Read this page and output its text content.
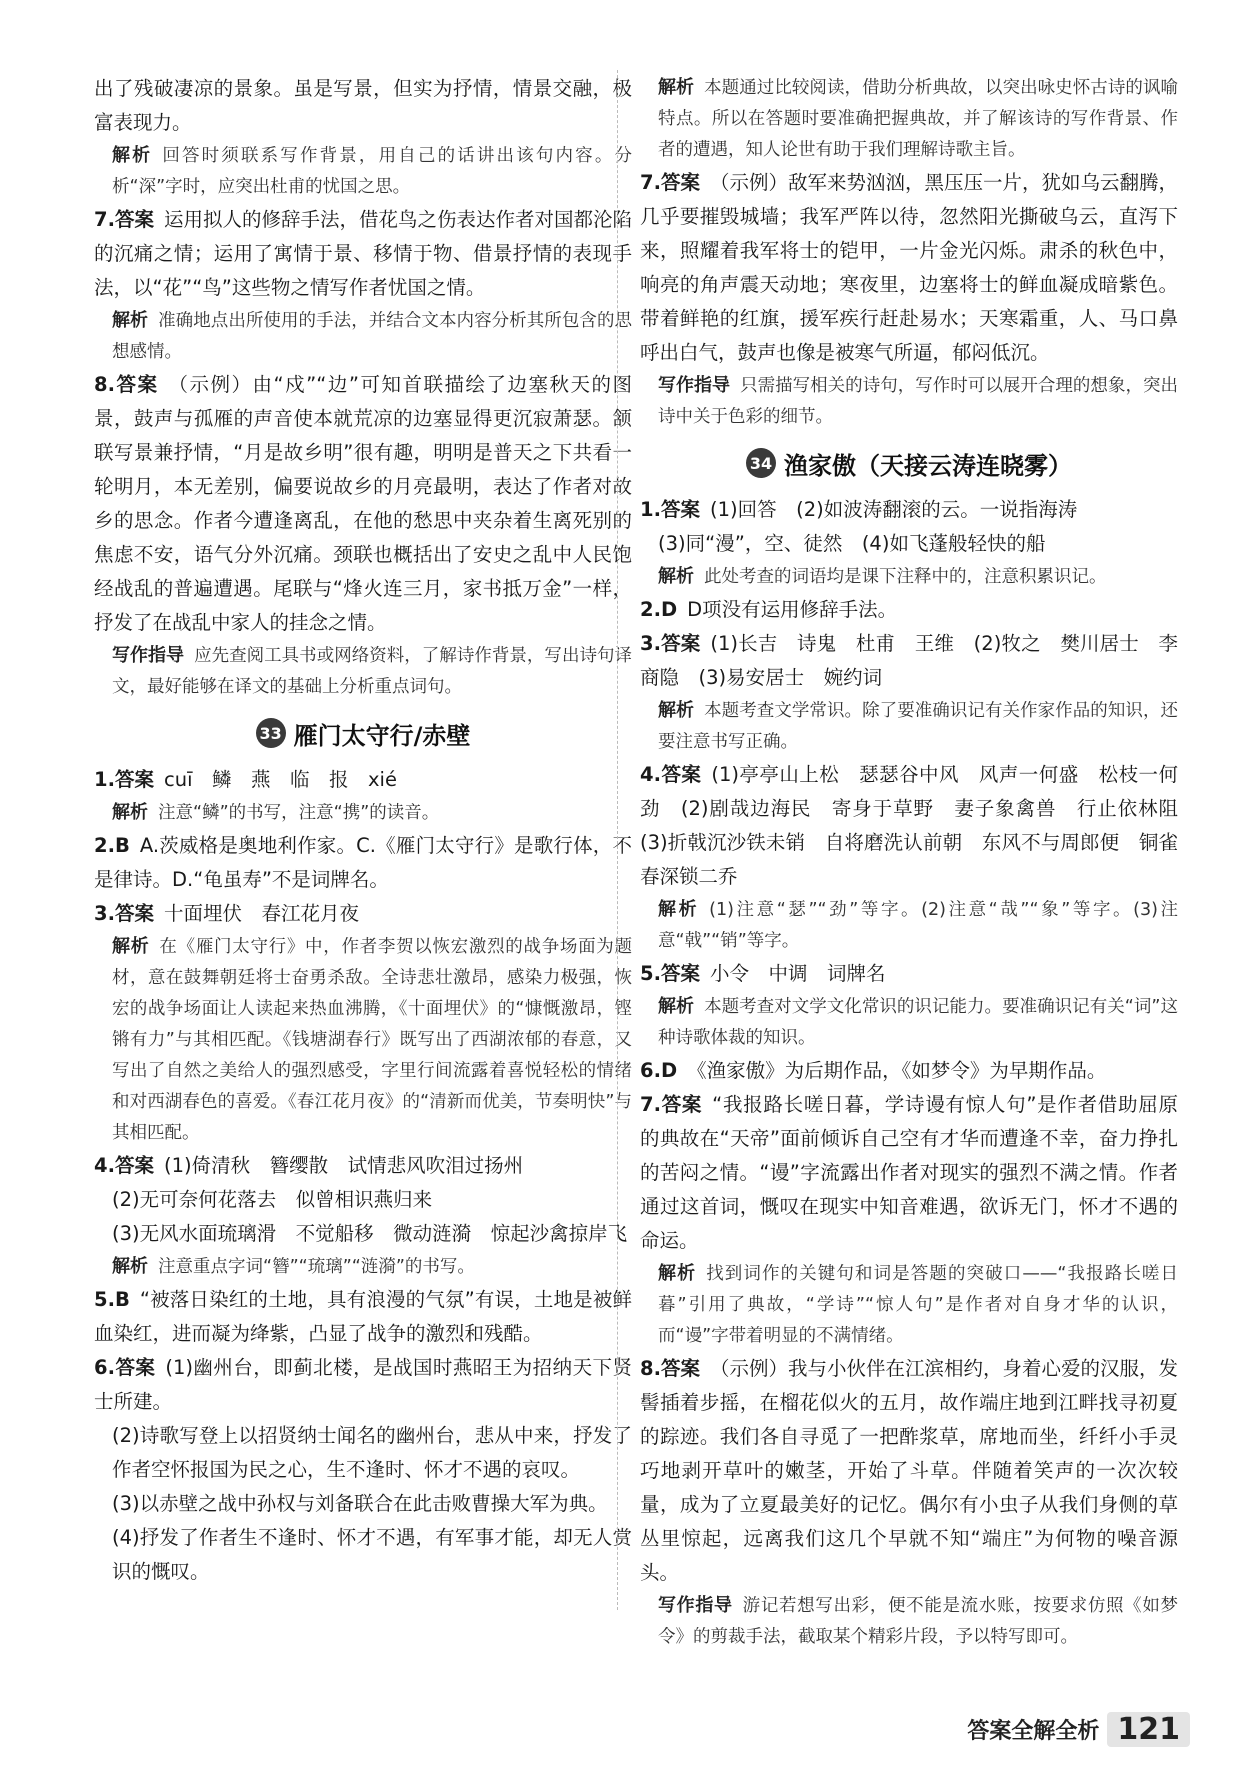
出了残破凄凉的景象。虽是写景，但实为抒情，情景交融，极富表现力。

解析 回答时须联系写作背景，用自己的话讲出该句内容。分析“深”字时，应突出杜甫的忧国之思。

7.答案 运用拟人的修辞手法，借花鸟之伤表达作者对国都沦陷的沉痛之情；运用了寓情于景、移情于物、借景抒情的表现手法，以“花”“鸟”这些物之情写作者忧国之情。

解析 准确地点出所使用的手法，并结合文本内容分析其所包含的思想感情。

8.答案 （示例）由“戍”“边”可知首联描绘了边塞秋天的图景，鼓声与孤雁的声音使本就荒凉的边塞显得更沉寂萧瑟。颔联写景兼抒情，“月是故乡明”很有趣，明明是普天之下共看一轮明月，本无差别，偏要说故乡的月亮最明，表达了作者对故乡的思念。作者今遭逢离乱，在他的愁思中夹杂着生离死别的焦虑不安，语气分外沉痛。颈联也概括出了安史之乱中人民饱经战乱的普遍遭遇。尾联与“烽火连三月，家书抵万金”一样，抒发了在战乱中家人的挂念之情。

写作指导 应先查阅工具书或网络资料，了解诗作背景，写出诗句译文，最好能够在译文的基础上分析重点词句。

33 雁门太守行/赤壁

1.答案 cuī　鳞　燕　临　报　xié

解析 注意“鳞”的书写，注意“携”的读音。

2.B A.茨威格是奥地利作家。C.《雁门太守行》是歌行体，不是律诗。D.“龟虽寿”不是词牌名。

3.答案 十面埋伏　春江花月夜

解析 在《雁门太守行》中，作者李贺以恢宏激烈的战争场面为题材，意在鼓舞朝廷将士奋勇杀敌。全诗悲壮激昂，感染力极强，恢宏的战争场面让人读起来热血沸腾，《十面埋伏》的“慷慨激昂，铿锵有力”与其相匹配。《钱塘湖春行》既写出了西湖浓郁的春意，又写出了自然之美给人的强烈感受，字里行间流露着喜悦轻松的情绪和对西湖春色的喜爱。《春江花月夜》的“清新而优美，节奏明快”与其相匹配。

4.答案 (1)倚清秋　簪缨散　试情悲风吹泪过扬州

(2)无可奈何花落去　似曾相识燕归来

(3)无风水面琉璃滑　不觉船移　微动涟漪　惊起沙禽掠岸飞

解析 注意重点字词“簪”“琉璃”“涟漪”的书写。

5.B “被落日染红的土地，具有浪漫的气氛”有误，土地是被鲜血染红，进而凝为绛紫，凸显了战争的激烈和残酷。

6.答案 (1)幽州台，即蓟北楼，是战国时燕昭王为招纳天下贤士所建。

(2)诗歌写登上以招贤纳士闻名的幽州台，悲从中来，抒发了作者空怀报国为民之心，生不逢时、怀才不遇的哀叹。

(3)以赤壁之战中孙权与刘备联合在此击败曹操大军为典。

(4)抒发了作者生不逢时、怀才不遇，有军事才能，却无人赏识的慨叹。

解析 本题通过比较阅读，借助分析典故，以突出咏史怀古诗的讽喻特点。所以在答题时要准确把握典故，并了解该诗的写作背景、作者的遭遇，知人论世有助于我们理解诗歌主旨。

7.答案 （示例）敌军来势汹汹，黑压压一片，犹如乌云翻腾，几乎要摧毁城墙；我军严阵以待，忽然阳光撕破乌云，直泻下来，照耀着我军将士的铠甲，一片金光闪烁。肃杀的秋色中，响亮的角声震天动地；寒夜里，边塞将士的鲜血凝成暗紫色。带着鲜艳的红旗，援军疾行赶赴易水；天寒霜重，人、马口鼻呼出白气，鼓声也像是被寒气所逼，郁闷低沉。

写作指导 只需描写相关的诗句，写作时可以展开合理的想象，突出诗中关于色彩的细节。

34 渔家傲（天接云涛连晓雾）

1.答案 (1)回答　(2)如波涛翻滚的云。一说指海涛

(3)同“漫”，空、徒然　(4)如飞蓬般轻快的船

解析 此处考查的词语均是课下注释中的，注意积累识记。

2.D D项没有运用修辞手法。

3.答案 (1)长吉　诗鬼　杜甫　王维　(2)牧之　樊川居士　李商隐　(3)易安居士　婉约词

解析 本题考查文学常识。除了要准确识记有关作家作品的知识，还要注意书写正确。

4.答案 (1)亭亭山上松　瑟瑟谷中风　风声一何盛　松枝一何劲　(2)剧哉边海民　寄身于草野　妻子象禽兽　行止依林阻　(3)折戟沉沙铁未销　自将磨洗认前朝　东风不与周郎便　铜雀春深锁二乔

解析 (1)注意“瑟”“劲”等字。(2)注意“哉”“象”等字。(3)注意“戟”“销”等字。

5.答案 小令　中调　词牌名

解析 本题考查对文学文化常识的识记能力。要准确识记有关“词”这种诗歌体裁的知识。

6.D 《渔家傲》为后期作品，《如梦令》为早期作品。

7.答案 “我报路长嗟日暮，学诗谩有惊人句”是作者借助屈原的典故在“天帝”面前倾诉自己空有才华而遭逢不幸，奋力挣扎的苦闷之情。“谩”字流露出作者对现实的强烈不满之情。作者通过这首词，慨叹在现实中知音难遇，欲诉无门，怀才不遇的命运。

解析 找到词作的关键句和词是答题的突破口——“我报路长嗟日暮”引用了典故，“学诗”“惊人句”是作者对自身才华的认识，而“谩”字带着明显的不满情绪。

8.答案 （示例）我与小伙伴在江滨相约，身着心爱的汉服，发髻插着步摇，在榴花似火的五月，故作端庄地到江畔找寻初夏的踪迹。我们各自寻觅了一把酢浆草，席地而坐，纤纤小手灵巧地剥开草叶的嫩茎，开始了斗草。伴随着笑声的一次次较量，成为了立夏最美好的记忆。偶尔有小虫子从我们身侧的草丛里惊起，远离我们这几个早就不知“端庄”为何物的噪音源头。

写作指导 游记若想写出彩，便不能是流水账，按要求仿照《如梦令》的剪裁手法，截取某个精彩片段，予以特写即可。

答案全解全析 121
